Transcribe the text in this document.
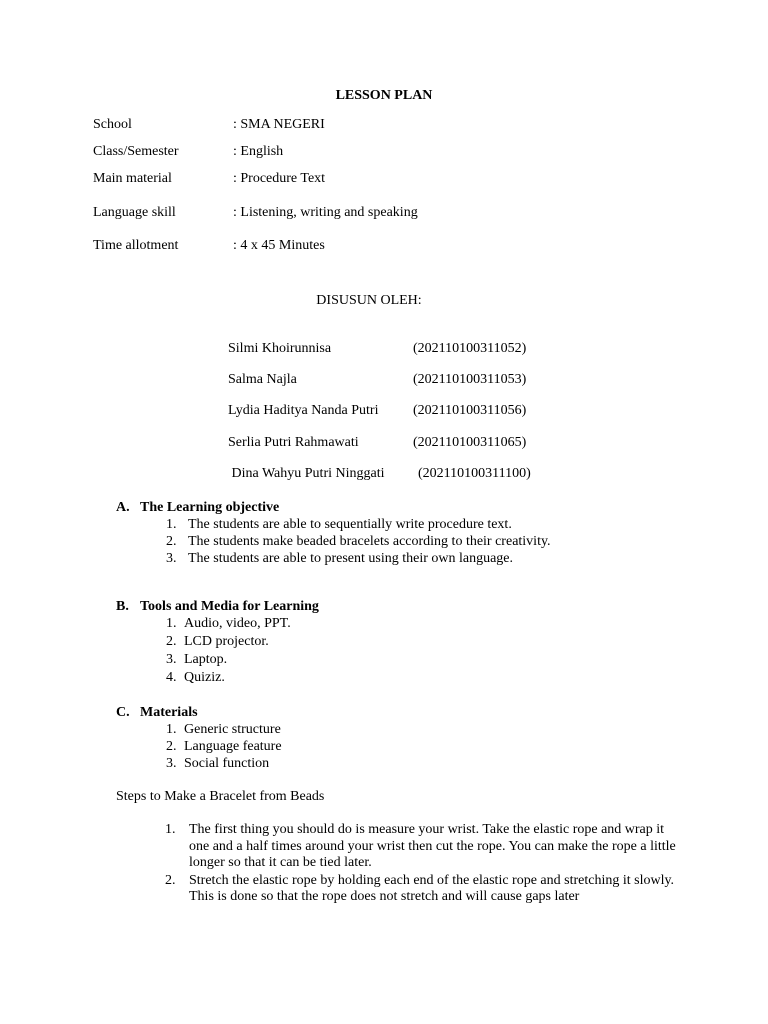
LESSON PLAN
School	: SMA NEGERI
Class/Semester	: English
Main material	: Procedure Text
Language skill	: Listening, writing and speaking
Time allotment	: 4 x 45 Minutes
DISUSUN OLEH:
Silmi Khoirunnisa	(202110100311052)
Salma Najla	(202110100311053)
Lydia Haditya Nanda Putri (202110100311056)
Serlia Putri Rahmawati	(202110100311065)
Dina Wahyu Putri Ninggati (202110100311100)
A. The Learning objective
1. The students are able to sequentially write procedure text.
2. The students make beaded bracelets according to their creativity.
3. The students are able to present using their own language.
B. Tools and Media for Learning
1. Audio, video, PPT.
2. LCD projector.
3. Laptop.
4. Quiziz.
C. Materials
1. Generic structure
2. Language feature
3. Social function
Steps to Make a Bracelet from Beads
1. The first thing you should do is measure your wrist. Take the elastic rope and wrap it one and a half times around your wrist then cut the rope. You can make the rope a little longer so that it can be tied later.
2. Stretch the elastic rope by holding each end of the elastic rope and stretching it slowly. This is done so that the rope does not stretch and will cause gaps later
